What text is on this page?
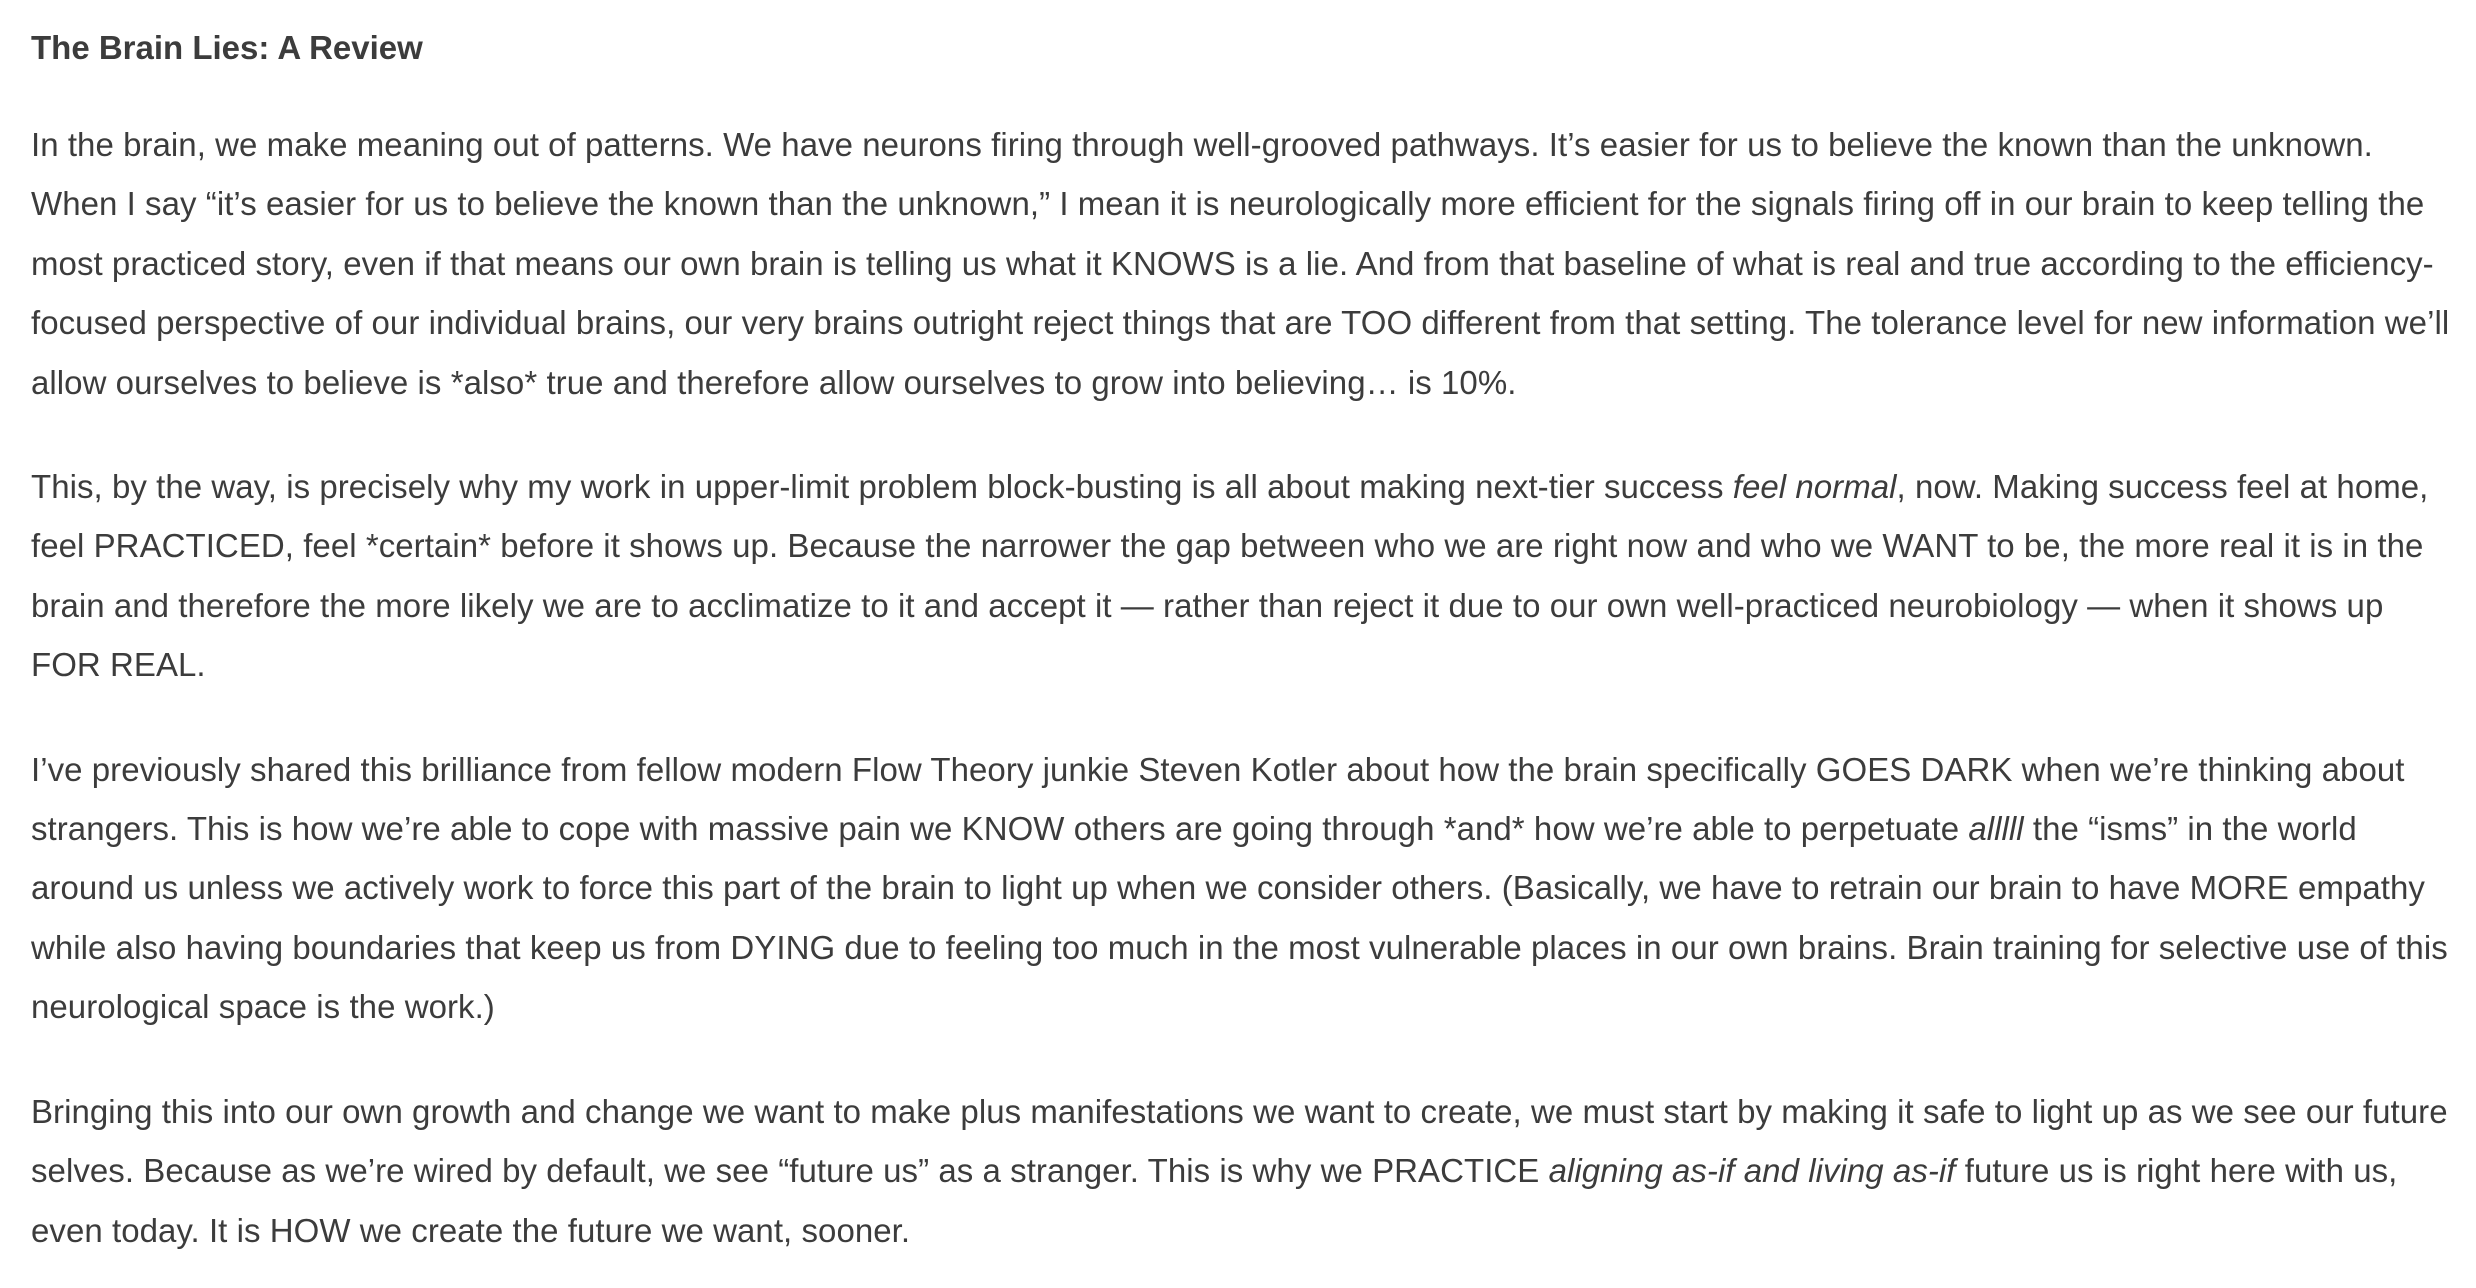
The Brain Lies: A Review

In the brain, we make meaning out of patterns. We have neurons firing through well-grooved pathways. It’s easier for us to believe the known than the unknown. When I say “it’s easier for us to believe the known than the unknown,” I mean it is neurologically more efficient for the signals firing off in our brain to keep telling the most practiced story, even if that means our own brain is telling us what it KNOWS is a lie. And from that baseline of what is real and true according to the efficiency-focused perspective of our individual brains, our very brains outright reject things that are TOO different from that setting. The tolerance level for new information we’ll allow ourselves to believe is *also* true and therefore allow ourselves to grow into believing… is 10%.

This, by the way, is precisely why my work in upper-limit problem block-busting is all about making next-tier success feel normal, now. Making success feel at home, feel PRACTICED, feel *certain* before it shows up. Because the narrower the gap between who we are right now and who we WANT to be, the more real it is in the brain and therefore the more likely we are to acclimatize to it and accept it — rather than reject it due to our own well-practiced neurobiology — when it shows up FOR REAL.

I’ve previously shared this brilliance from fellow modern Flow Theory junkie Steven Kotler about how the brain specifically GOES DARK when we’re thinking about strangers. This is how we’re able to cope with massive pain we KNOW others are going through *and* how we’re able to perpetuate alllll the “isms” in the world around us unless we actively work to force this part of the brain to light up when we consider others. (Basically, we have to retrain our brain to have MORE empathy while also having boundaries that keep us from DYING due to feeling too much in the most vulnerable places in our own brains. Brain training for selective use of this neurological space is the work.)

Bringing this into our own growth and change we want to make plus manifestations we want to create, we must start by making it safe to light up as we see our future selves. Because as we’re wired by default, we see “future us” as a stranger. This is why we PRACTICE aligning as-if and living as-if future us is right here with us, even today. It is HOW we create the future we want, sooner.
